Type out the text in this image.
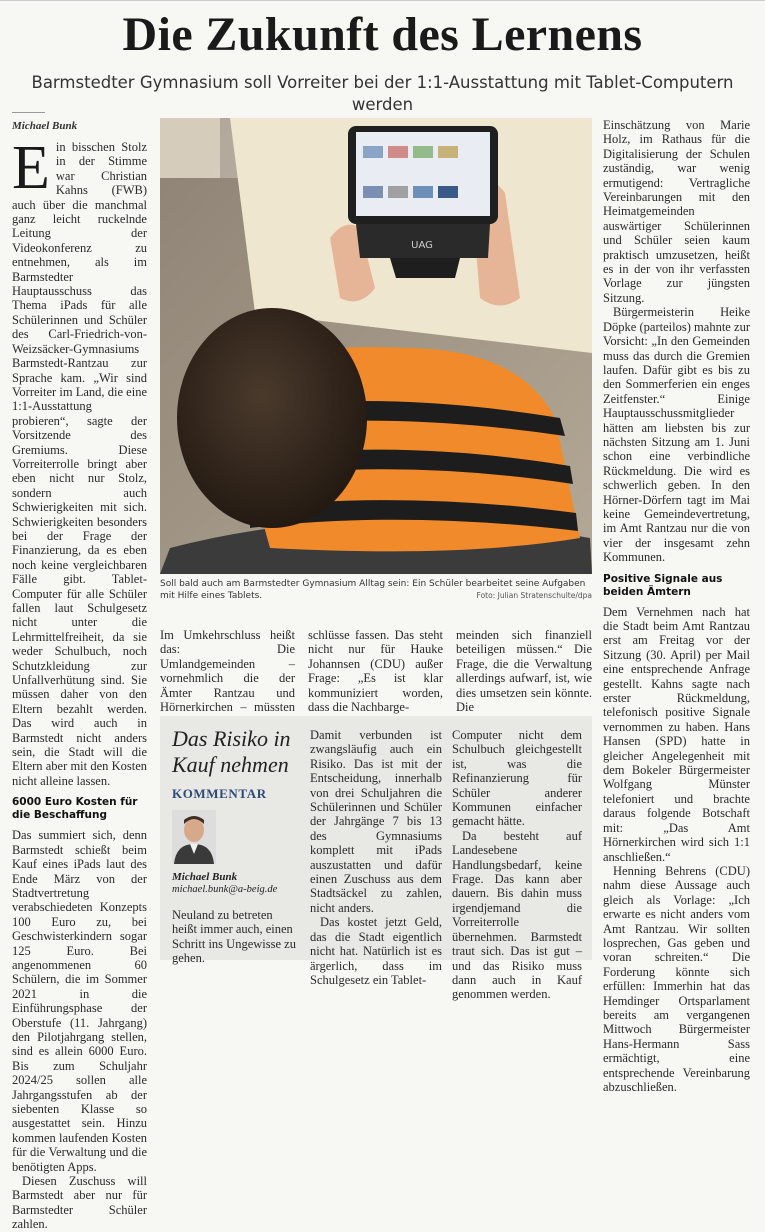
Die Zukunft des Lernens
Barmstedter Gymnasium soll Vorreiter bei der 1:1-Ausstattung mit Tablet-Computern werden
Michael Bunk
E in bisschen Stolz in der Stimme war Christian Kahns (FWB) auch über die manchmal ganz leicht ruckelnde Leitung der Videokonferenz zu entnehmen, als im Barmstedter Hauptausschuss das Thema iPads für alle Schülerinnen und Schüler des Carl-Friedrich-von-Weizsäcker-Gymnasiums Barmstedt-Rantzau zur Sprache kam. „Wir sind Vorreiter im Land, die eine 1:1-Ausstattung probieren“, sagte der Vorsitzende des Gremiums. Diese Vorreiterrolle bringt aber eben nicht nur Stolz, sondern auch Schwierigkeiten mit sich. Schwierigkeiten besonders bei der Frage der Finanzierung, da es eben noch keine vergleichbaren Fälle gibt. Tablet-Computer für alle Schüler fallen laut Schulgesetz nicht unter die Lehrmittelfreiheit, da sie weder Schulbuch, noch Schutzkleidung zur Unfallverhütung sind. Sie müssen daher von den Eltern bezahlt werden. Das wird auch in Barmstedt nicht anders sein, die Stadt will die Eltern aber mit den Kosten nicht alleine lassen.

6000 Euro Kosten für die Beschaffung

Das summiert sich, denn Barmstedt schießt beim Kauf eines iPads laut des Ende März von der Stadtvertretung verabschiedeten Konzepts 100 Euro zu, bei Geschwisterkindern sogar 125 Euro. Bei angenommenen 60 Schülern, die im Sommer 2021 in die Einführungsphase der Oberstufe (11. Jahrgang) den Pilotjahrgang stellen, sind es allein 6000 Euro. Bis zum Schuljahr 2024/25 sollen alle Jahrgangsstufen ab der siebenten Klasse so ausgestattet sein. Hinzu kommen laufenden Kosten für die Verwaltung und die benötigten Apps.

Diesen Zuschuss will Barmstedt aber nur für Barmstedter Schüler zahlen.

UAG
Soll bald auch am Barmstedter Gymnasium Alltag sein: Ein Schüler bearbeitet seine Aufgaben mit Hilfe eines Tablets.	Foto: Julian Stratenschulte/dpa

Im Umkehrschluss heißt das: Die Umlandgemeinden – vornehmlich die der Ämter Rantzau und Hörnerkirchen – müssten

schlüsse fassen. Das steht nicht nur für Hauke Johannsen (CDU) außer Frage: „Es ist klar kommuniziert worden, dass die Nachbarge-

meinden sich finanziell beteiligen müssen.“ Die Frage, die die Verwaltung allerdings aufwarf, ist, wie dies umsetzen sein könnte. Die

Das Risiko in Kauf nehmen
KOMMENTAR
Michael Bunk
michael.bunk@a-beig.de

Neuland zu betreten heißt immer auch, einen Schritt ins Ungewisse zu gehen.

Damit verbunden ist zwangsläufig auch ein Risiko. Das ist mit der Entscheidung, innerhalb von drei Schuljahren die Schülerinnen und Schüler der Jahrgänge 7 bis 13 des Gymnasiums komplett mit iPads auszustatten und dafür einen Zuschuss aus dem Stadtsäckel zu zahlen, nicht anders.

Das kostet jetzt Geld, das die Stadt eigentlich nicht hat. Natürlich ist es ärgerlich, dass im Schulgesetz ein Tablet-

Computer nicht dem Schulbuch gleichgestellt ist, was die Refinanzierung für Schüler anderer Kommunen einfacher gemacht hätte.

Da besteht auf Landesebene Handlungsbedarf, keine Frage. Das kann aber dauern. Bis dahin muss irgendjemand die Vorreiterrolle übernehmen. Barmstedt traut sich. Das ist gut – und das Risiko muss dann auch in Kauf genommen werden.

Einschätzung von Marie Holz, im Rathaus für die Digitalisierung der Schulen zuständig, war wenig ermutigend: Vertragliche Vereinbarungen mit den Heimatgemeinden auswärtiger Schülerinnen und Schüler seien kaum praktisch umzusetzen, heißt es in der von ihr verfassten Vorlage zur jüngsten Sitzung.

Bürgermeisterin Heike Döpke (parteilos) mahnte zur Vorsicht: „In den Gemeinden muss das durch die Gremien laufen. Dafür gibt es bis zu den Sommerferien ein enges Zeitfenster.“ Einige Hauptausschussmitglieder hätten am liebsten bis zur nächsten Sitzung am 1. Juni schon eine verbindliche Rückmeldung. Die wird es schwerlich geben. In den Hörner-Dörfern tagt im Mai keine Gemeindevertretung, im Amt Rantzau nur die von vier der insgesamt zehn Kommunen.

Positive Signale aus beiden Ämtern

Dem Vernehmen nach hat die Stadt beim Amt Rantzau erst am Freitag vor der Sitzung (30. April) per Mail eine entsprechende Anfrage gestellt. Kahns sagte nach erster Rückmeldung, telefonisch positive Signale vernommen zu haben. Hans Hansen (SPD) hatte in gleicher Angelegenheit mit dem Bokeler Bürgermeister Wolfgang Münster telefoniert und brachte daraus folgende Botschaft mit: „Das Amt Hörnerkirchen wird sich 1:1 anschließen.“

Henning Behrens (CDU) nahm diese Aussage auch gleich als Vorlage: „Ich erwarte es nicht anders vom Amt Rantzau. Wir sollten losprechen, Gas geben und voran schreiten.“ Die Forderung könnte sich erfüllen: Immerhin hat das Hemdinger Ortsparlament bereits am vergangenen Mittwoch Bürgermeister Hans-Hermann Sass ermächtigt, eine entsprechende Vereinbarung abzuschließen.
